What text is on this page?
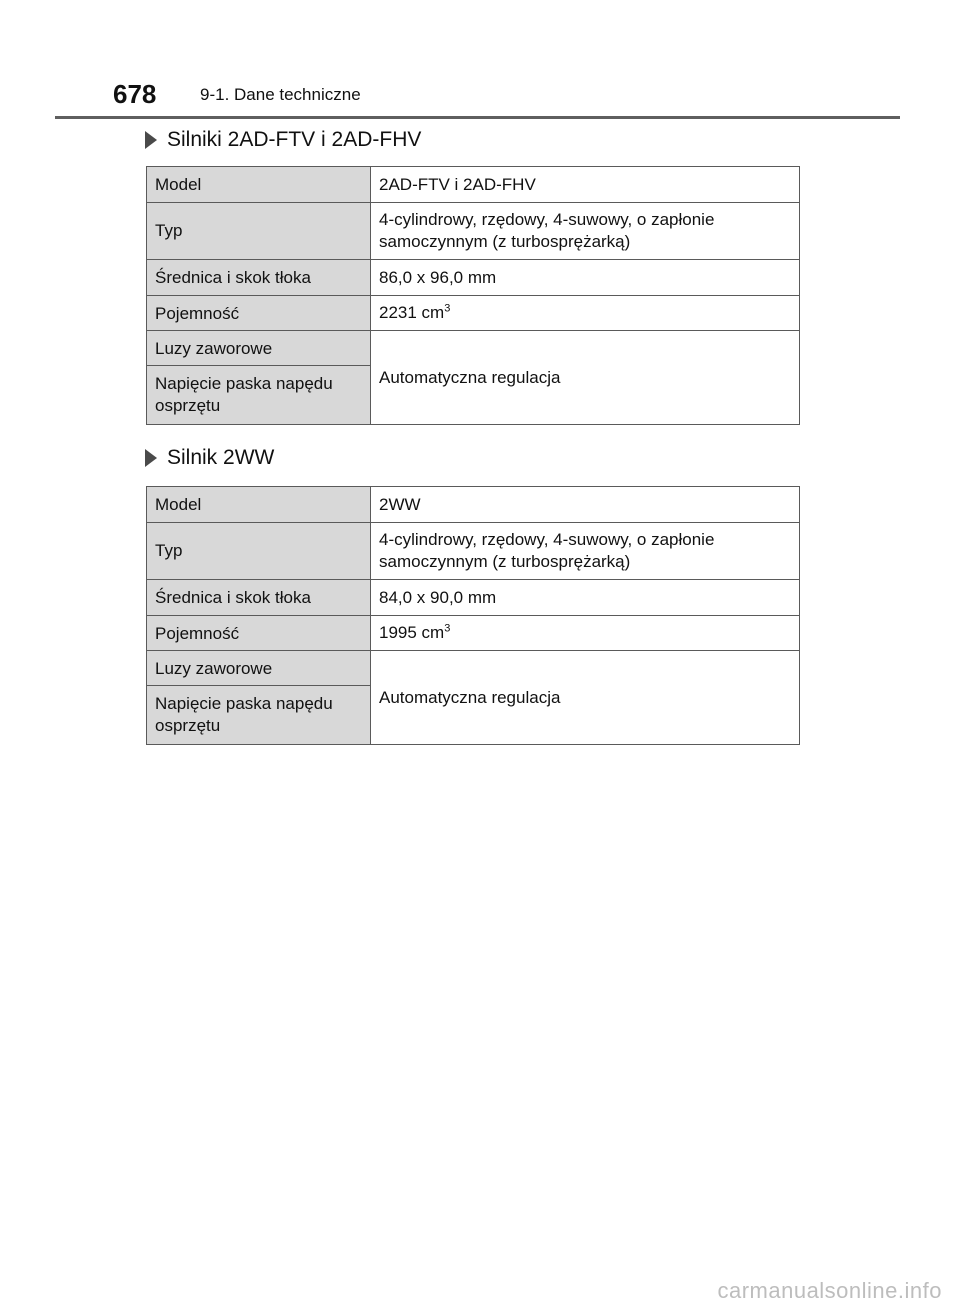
678	9-1. Dane techniczne
Silniki 2AD-FTV i 2AD-FHV
Model	2AD-FTV i 2AD-FHV
Typ	4-cylindrowy, rzędowy, 4-suwowy, o zapłonie
samoczynnym (z turbosprężarką)
Średnica i skok tłoka	86,0 x 96,0 mm
Pojemność	2231 $cm^3$
Luzy zaworowe	Automatyczna regulacja
Napięcie paska napędu
osprzętu	
Silnik 2WW
Model	2WW
Typ	4-cylindrowy, rzędowy, 4-suwowy, o zapłonie
samoczynnym (z turbosprężarką)
Średnica i skok tłoka	84,0 x 90,0 mm
Pojemność	1995 $cm^3$
Luzy zaworowe	Automatyczna regulacja
Napięcie paska napędu
osprzętu	
carmanualsonline.info
